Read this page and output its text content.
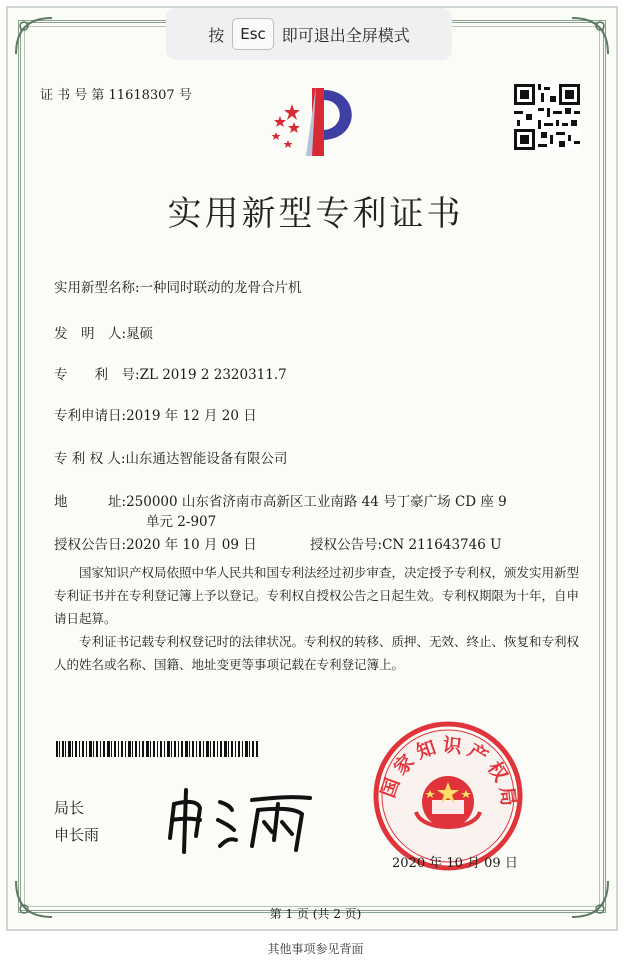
按	Esc	即可退出全屏模式
证 书 号 第 11618307 号
实用新型专利证书
实用新型名称:一种同时联动的龙骨合片机
发　明　人:晁硕
专　　利　号:ZL 2019 2 2320311.7
专利申请日:2019 年 12 月 20 日
专 利 权 人:山东通达智能设备有限公司
地　　　址:250000 山东省济南市高新区工业南路 44 号丁豪广场 CD 座 9
单元 2-907
授权公告日:2020 年 10 月 09 日	授权公告号:CN 211643746 U
国家知识产权局依照中华人民共和国专利法经过初步审查，决定授予专利权，颁发实用新型专利证书并在专利登记簿上予以登记。专利权自授权公告之日起生效。专利权期限为十年，自申请日起算。
专利证书记载专利权登记时的法律状况。专利权的转移、质押、无效、终止、恢复和专利权人的姓名或名称、国籍、地址变更等事项记载在专利登记簿上。
局长
申长雨
国家知识产权局
2020 年 10 月 09 日
第 1 页 (共 2 页)
其他事项参见背面
